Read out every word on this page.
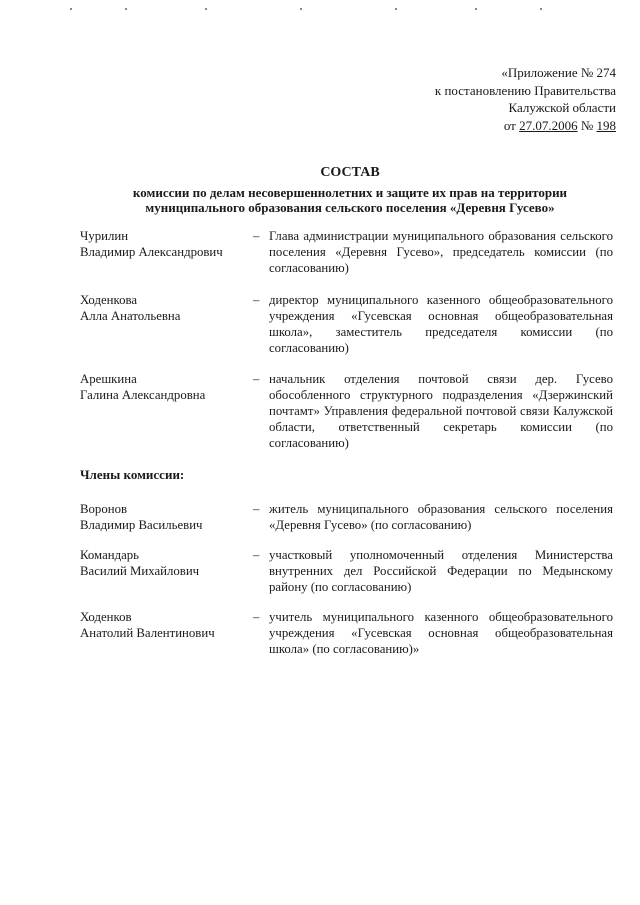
«Приложение № 274
к постановлению Правительства
Калужской области
от 27.07.2006 № 198
СОСТАВ
комиссии по делам несовершеннолетних и защите их прав на территории
муниципального образования сельского поселения «Деревня Гусево»
Чурилин
Владимир Александрович
– Глава администрации муниципального образования сельского поселения «Деревня Гусево», председатель комиссии (по согласованию)
Ходенкова
Алла Анатольевна
– директор муниципального казенного общеобразовательного учреждения «Гусевская основная общеобразовательная школа», заместитель председателя комиссии (по согласованию)
Арешкина
Галина Александровна
– начальник отделения почтовой связи дер. Гусево обособленного структурного подразделения «Дзержинский почтамт» Управления федеральной почтовой связи Калужской области, ответственный секретарь комиссии (по согласованию)
Члены комиссии:
Воронов
Владимир Васильевич
– житель муниципального образования сельского поселения «Деревня Гусево» (по согласованию)
Командарь
Василий Михайлович
– участковый уполномоченный отделения Министерства внутренних дел Российской Федерации по Медынскому району (по согласованию)
Ходенков
Анатолий Валентинович
– учитель муниципального казенного общеобразовательного учреждения «Гусевская основная общеобразовательная школа» (по согласованию)»
